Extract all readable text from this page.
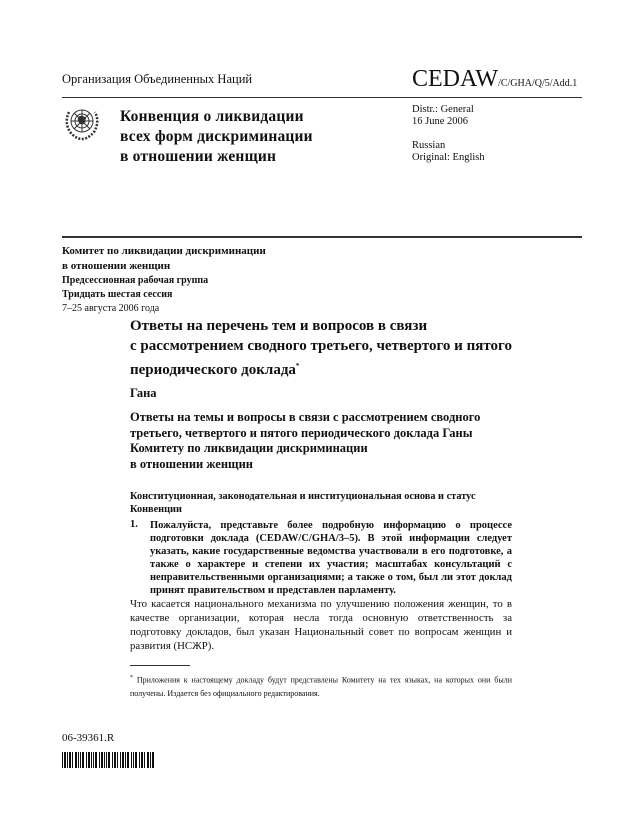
Организация Объединенных Наций	CEDAW/C/GHA/Q/5/Add.1
Конвенция о ликвидации
всех форм дискриминации
в отношении женщин
Distr.: General
16 June 2006
Russian
Original: English
Комитет по ликвидации дискриминации
в отношении женщин
Предсессионная рабочая группа
Тридцать шестая сессия
7–25 августа 2006 года
Ответы на перечень тем и вопросов в связи
с рассмотрением сводного третьего, четвертого и пятого
периодического доклада*
Гана
Ответы на темы и вопросы в связи с рассмотрением сводного
третьего, четвертого и пятого периодического доклада Ганы
Комитету по ликвидации дискриминации
в отношении женщин
Конституционная, законодательная и институциональная основа и статус Конвенции
1. Пожалуйста, представьте более подробную информацию о процессе подготовки доклада (CEDAW/C/GHA/3–5). В этой информации следует указать, какие государственные ведомства участвовали в его подготовке, а также о характере и степени их участия; масштабах консультаций с неправительственными организациями; а также о том, был ли этот доклад принят правительством и представлен парламенту.
Что касается национального механизма по улучшению положения женщин, то в качестве организации, которая несла тогда основную ответственность за подготовку докладов, был указан Национальный совет по вопросам женщин и развития (НСЖР).
* Приложения к настоящему докладу будут представлены Комитету на тех языках, на которых они были получены. Издается без официального редактирования.
06-39361.R
